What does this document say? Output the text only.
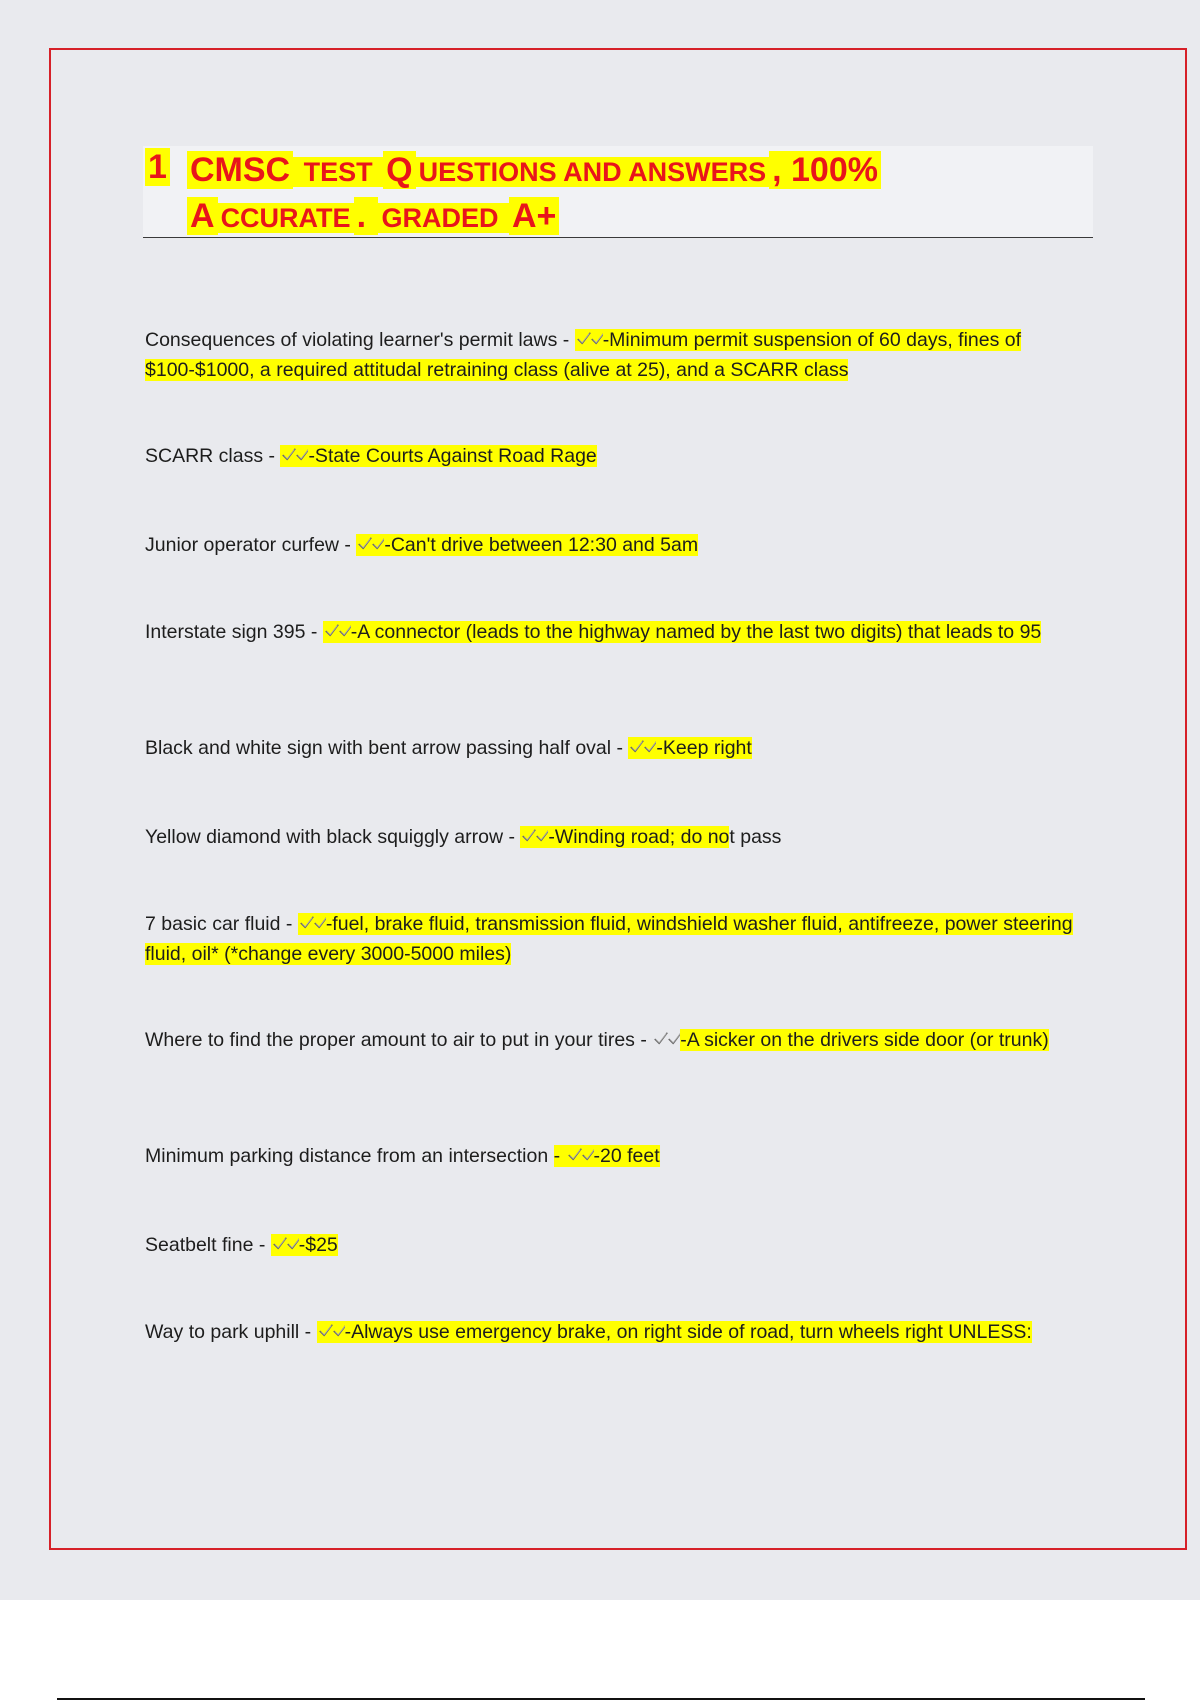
1 CMSC TEST Q UESTIONS AND ANSWERS , 100% A CCURATE . GRADED A+
Consequences of violating learner's permit laws -
-Minimum permit suspension of 60 days, fines of $100-$1000, a required attitudal retraining class (alive at 25), and a SCARR class
SCARR class -
-State Courts Against Road Rage
Junior operator curfew -
-Can't drive between 12:30 and 5am
Interstate sign 395 -
-A connector (leads to the highway named by the last two digits) that leads to 95
Black and white sign with bent arrow passing half oval -
-Keep right
Yellow diamond with black squiggly arrow -
-Winding road; do not pass
7 basic car fluid -
-fuel, brake fluid, transmission fluid, windshield washer fluid, antifreeze, power steering fluid, oil* (*change every 3000-5000 miles)
Where to find the proper amount to air to put in your tires -
-A sicker on the drivers side door (or trunk)
Minimum parking distance from an intersection -
-20 feet
Seatbelt fine -
-$25
Way to park uphill -
-Always use emergency brake, on right side of road, turn wheels right UNLESS:
